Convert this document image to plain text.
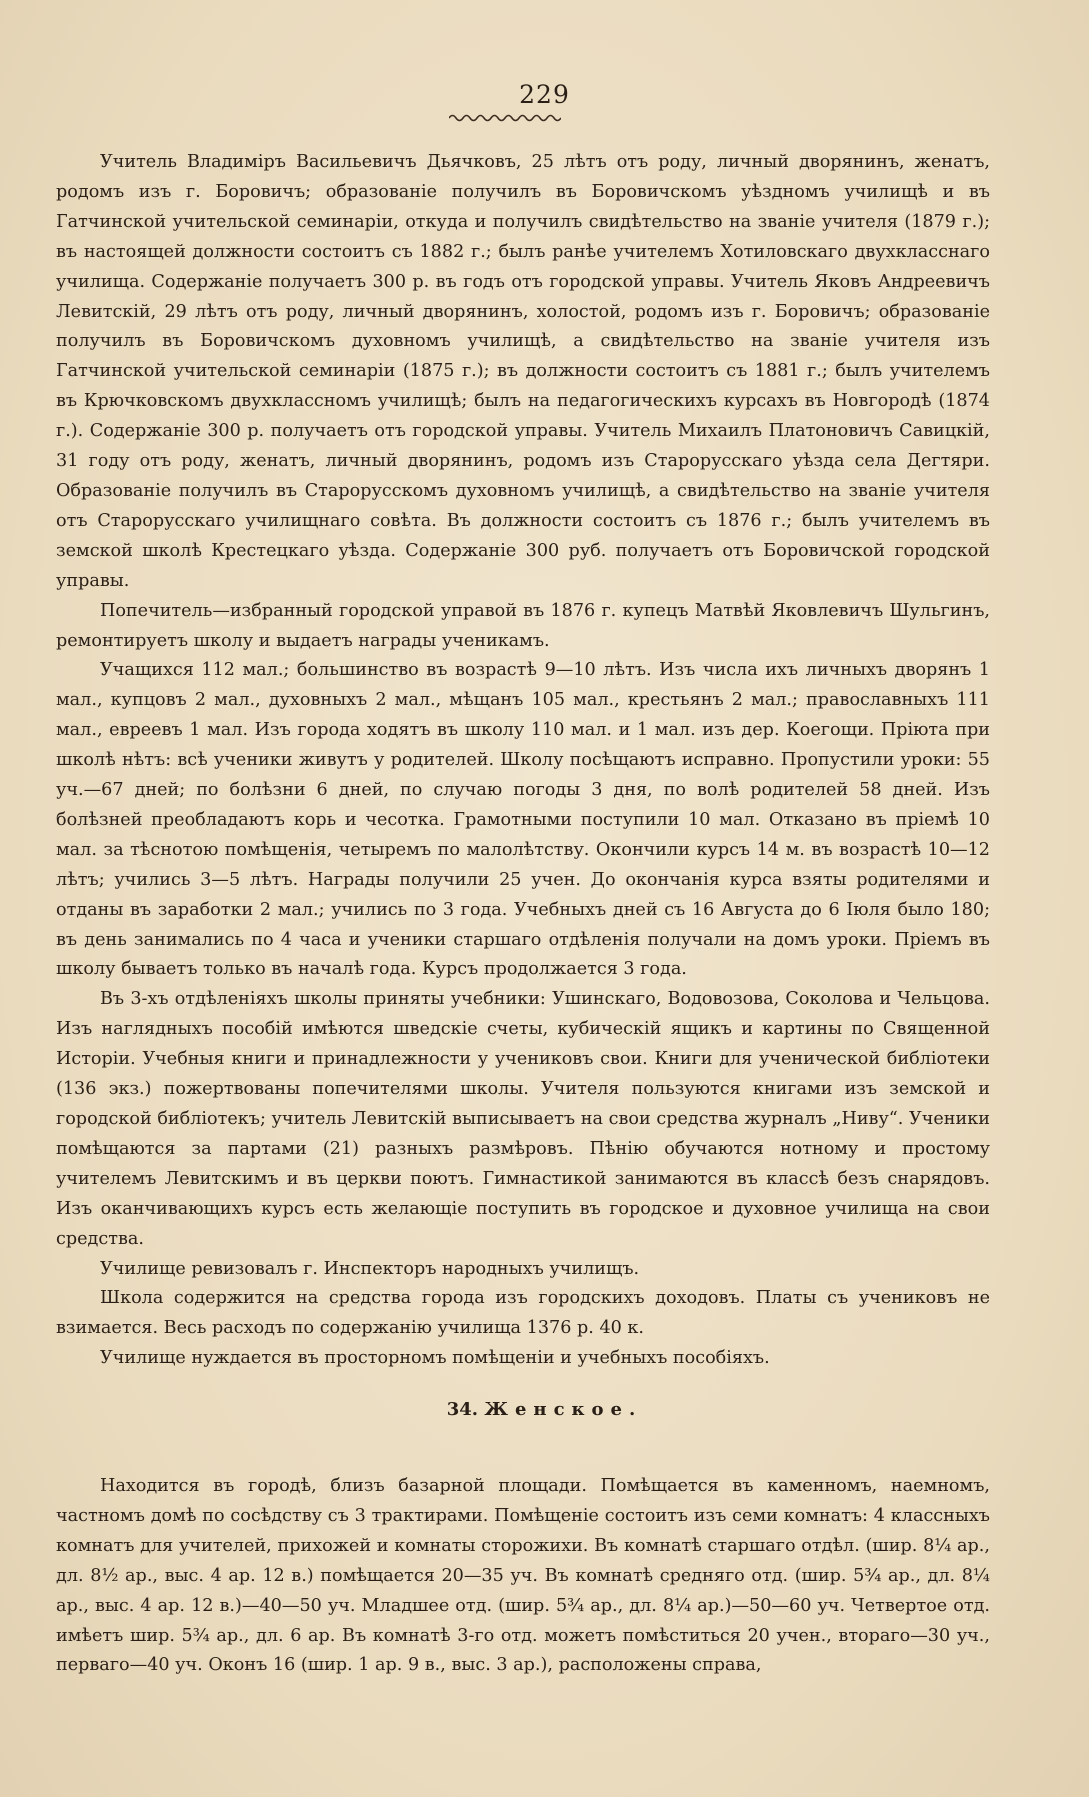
229

Учитель Владиміръ Васильевичъ Дьячковъ, 25 лѣтъ отъ роду, личный дворянинъ, женатъ, родомъ изъ г. Боровичъ; образованіе получилъ въ Боровичскомъ уѣздномъ училищѣ и въ Гатчинской учительской семинаріи, откуда и получилъ свидѣтельство на званіе учителя (1879 г.); въ настоящей должности состоитъ съ 1882 г.; былъ ранѣе учителемъ Хотиловскаго двухкласснаго училища. Содержаніе получаетъ 300 р. въ годъ отъ городской управы. Учитель Яковъ Андреевичъ Левитскій, 29 лѣтъ отъ роду, личный дворянинъ, холостой, родомъ изъ г. Боровичъ; образованіе получилъ въ Боровичскомъ духовномъ училищѣ, а свидѣтельство на званіе учителя изъ Гатчинской учительской семинаріи (1875 г.); въ должности состоитъ съ 1881 г.; былъ учителемъ въ Крючковскомъ двухклассномъ училищѣ; былъ на педагогическихъ курсахъ въ Новгородѣ (1874 г.). Содержаніе 300 р. получаетъ отъ городской управы. Учитель Михаилъ Платоновичъ Савицкій, 31 году отъ роду, женатъ, личный дворянинъ, родомъ изъ Старорусскаго уѣзда села Дегтяри. Образованіе получилъ въ Старорусскомъ духовномъ училищѣ, а свидѣтельство на званіе учителя отъ Старорусскаго училищнаго совѣта. Въ должности состоитъ съ 1876 г.; былъ учителемъ въ земской школѣ Крестецкаго уѣзда. Содержаніе 300 руб. получаетъ отъ Боровичской городской управы.

Попечитель—избранный городской управой въ 1876 г. купецъ Матвѣй Яковлевичъ Шульгинъ, ремонтируетъ школу и выдаетъ награды ученикамъ.

Учащихся 112 мал.; большинство въ возрастѣ 9—10 лѣтъ. Изъ числа ихъ личныхъ дворянъ 1 мал., купцовъ 2 мал., духовныхъ 2 мал., мѣщанъ 105 мал., крестьянъ 2 мал.; православныхъ 111 мал., евреевъ 1 мал. Изъ города ходятъ въ школу 110 мал. и 1 мал. изъ дер. Коегощи. Пріюта при школѣ нѣтъ: всѣ ученики живутъ у родителей. Школу посѣщаютъ исправно. Пропустили уроки: 55 уч.—67 дней; по болѣзни 6 дней, по случаю погоды 3 дня, по волѣ родителей 58 дней. Изъ болѣзней преобладаютъ корь и чесотка. Грамотными поступили 10 мал. Отказано въ пріемѣ 10 мал. за тѣснотою помѣщенія, четыремъ по малолѣтству. Окончили курсъ 14 м. въ возрастѣ 10—12 лѣтъ; учились 3—5 лѣтъ. Награды получили 25 учен. До окончанія курса взяты родителями и отданы въ заработки 2 мал.; учились по 3 года. Учебныхъ дней съ 16 Августа до 6 Іюля было 180; въ день занимались по 4 часа и ученики старшаго отдѣленія получали на домъ уроки. Пріемъ въ школу бываетъ только въ началѣ года. Курсъ продолжается 3 года.

Въ 3-хъ отдѣленіяхъ школы приняты учебники: Ушинскаго, Водовозова, Соколова и Чельцова. Изъ наглядныхъ пособій имѣются шведскіе счеты, кубическій ящикъ и картины по Священной Исторіи. Учебныя книги и принадлежности у учениковъ свои. Книги для ученической библіотеки (136 экз.) пожертвованы попечителями школы. Учителя пользуются книгами изъ земской и городской библіотекъ; учитель Левитскій выписываетъ на свои средства журналъ „Ниву“. Ученики помѣщаются за партами (21) разныхъ размѣровъ. Пѣнію обучаются нотному и простому учителемъ Левитскимъ и въ церкви поютъ. Гимнастикой занимаются въ классѣ безъ снарядовъ. Изъ оканчивающихъ курсъ есть желающіе поступить въ городское и духовное училища на свои средства.

Училище ревизовалъ г. Инспекторъ народныхъ училищъ.

Школа содержится на средства города изъ городскихъ доходовъ. Платы съ учениковъ не взимается. Весь расходъ по содержанію училища 1376 р. 40 к.

Училище нуждается въ просторномъ помѣщеніи и учебныхъ пособіяхъ.

34. Женское.

Находится въ городѣ, близъ базарной площади. Помѣщается въ каменномъ, наемномъ, частномъ домѣ по сосѣдству съ 3 трактирами. Помѣщеніе состоитъ изъ семи комнатъ: 4 классныхъ комнатъ для учителей, прихожей и комнаты сторожихи. Въ комнатѣ старшаго отдѣл. (шир. 8¼ ар., дл. 8½ ар., выс. 4 ар. 12 в.) помѣщается 20—35 уч. Въ комнатѣ средняго отд. (шир. 5¾ ар., дл. 8¼ ар., выс. 4 ар. 12 в.)—40—50 уч. Младшее отд. (шир. 5¾ ар., дл. 8¼ ар.)—50—60 уч. Четвертое отд. имѣетъ шир. 5¾ ар., дл. 6 ар. Въ комнатѣ 3-го отд. можетъ помѣститься 20 учен., втораго—30 уч., перваго—40 уч. Оконъ 16 (шир. 1 ар. 9 в., выс. 3 ар.), расположены справа,
